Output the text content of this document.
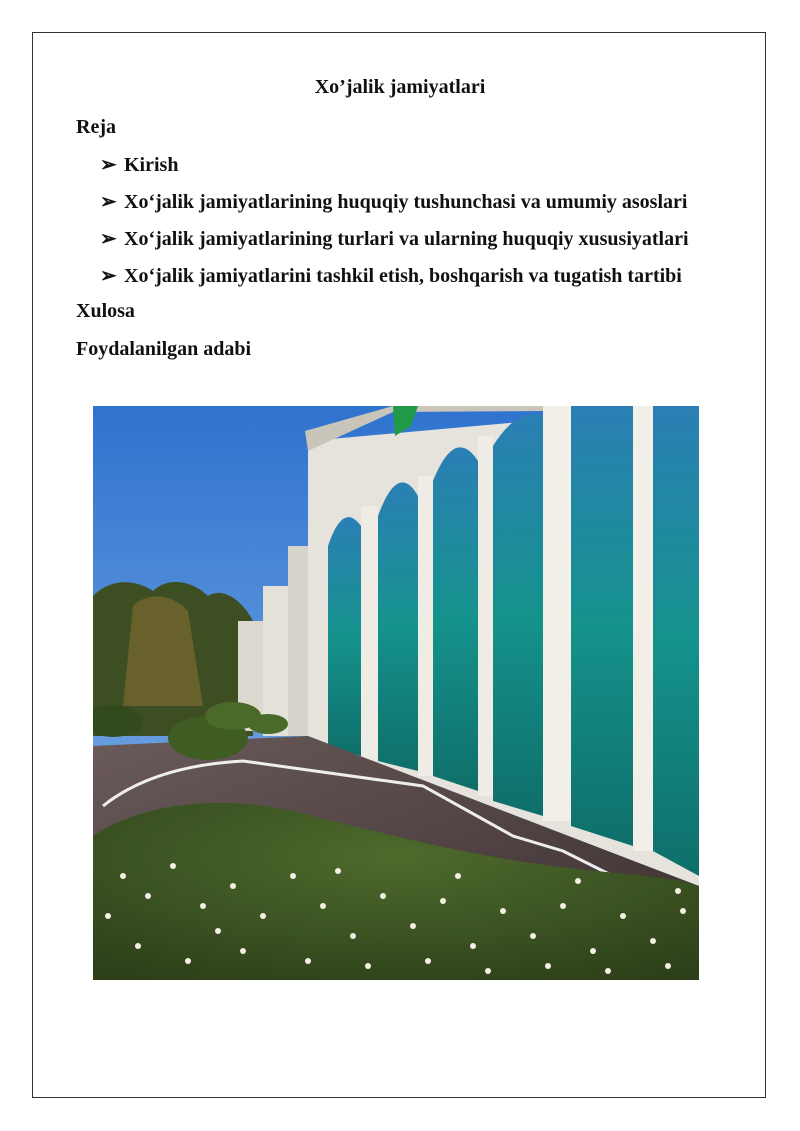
Xo’jalik jamiyatlari
Reja
➢ Kirish
➢ Xo‘jalik jamiyatlarining huquqiy tushunchasi va umumiy asoslari
➢ Xo‘jalik jamiyatlarining turlari va ularning huquqiy xususiyatlari
➢ Xo‘jalik jamiyatlarini tashkil etish, boshqarish va tugatish tartibi
Xulosa
Foydalanilgan adabi
